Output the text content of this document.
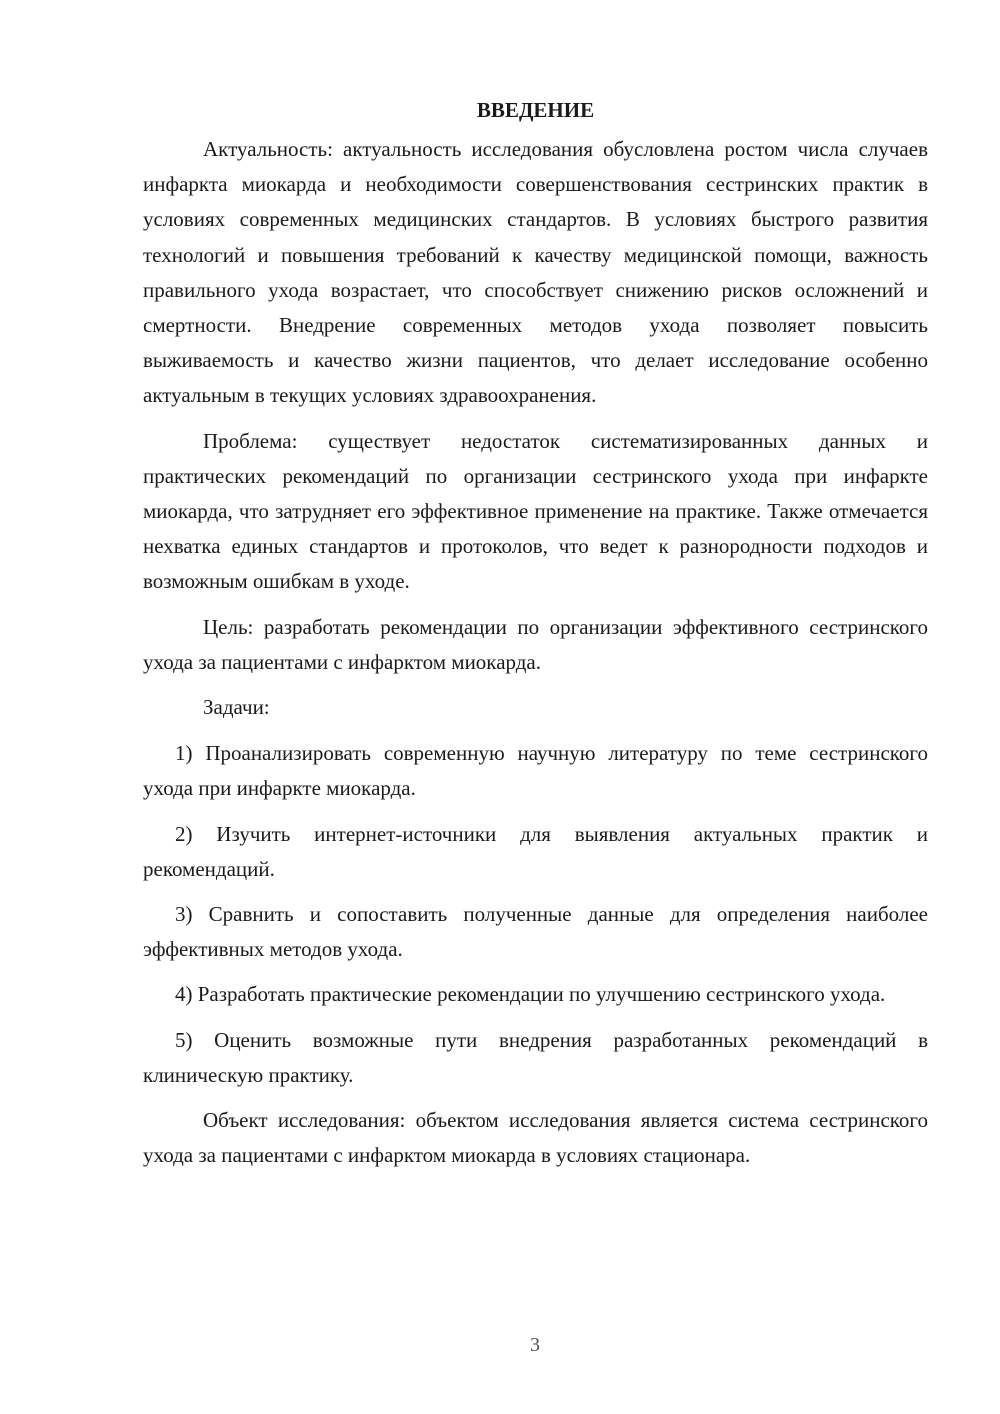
ВВЕДЕНИЕ

Актуальность: актуальность исследования обусловлена ростом числа случаев инфаркта миокарда и необходимости совершенствования сестринских практик в условиях современных медицинских стандартов. В условиях быстрого развития технологий и повышения требований к качеству медицинской помощи, важность правильного ухода возрастает, что способствует снижению рисков осложнений и смертности. Внедрение современных методов ухода позволяет повысить выживаемость и качество жизни пациентов, что делает исследование особенно актуальным в текущих условиях здравоохранения.

Проблема: существует недостаток систематизированных данных и практических рекомендаций по организации сестринского ухода при инфаркте миокарда, что затрудняет его эффективное применение на практике. Также отмечается нехватка единых стандартов и протоколов, что ведет к разнородности подходов и возможным ошибкам в уходе.

Цель: разработать рекомендации по организации эффективного сестринского ухода за пациентами с инфарктом миокарда.

Задачи:

1) Проанализировать современную научную литературу по теме сестринского ухода при инфаркте миокарда.

2) Изучить интернет-источники для выявления актуальных практик и рекомендаций.

3) Сравнить и сопоставить полученные данные для определения наиболее эффективных методов ухода.

4) Разработать практические рекомендации по улучшению сестринского ухода.

5) Оценить возможные пути внедрения разработанных рекомендаций в клиническую практику.

Объект исследования: объектом исследования является система сестринского ухода за пациентами с инфарктом миокарда в условиях стационара.

3
